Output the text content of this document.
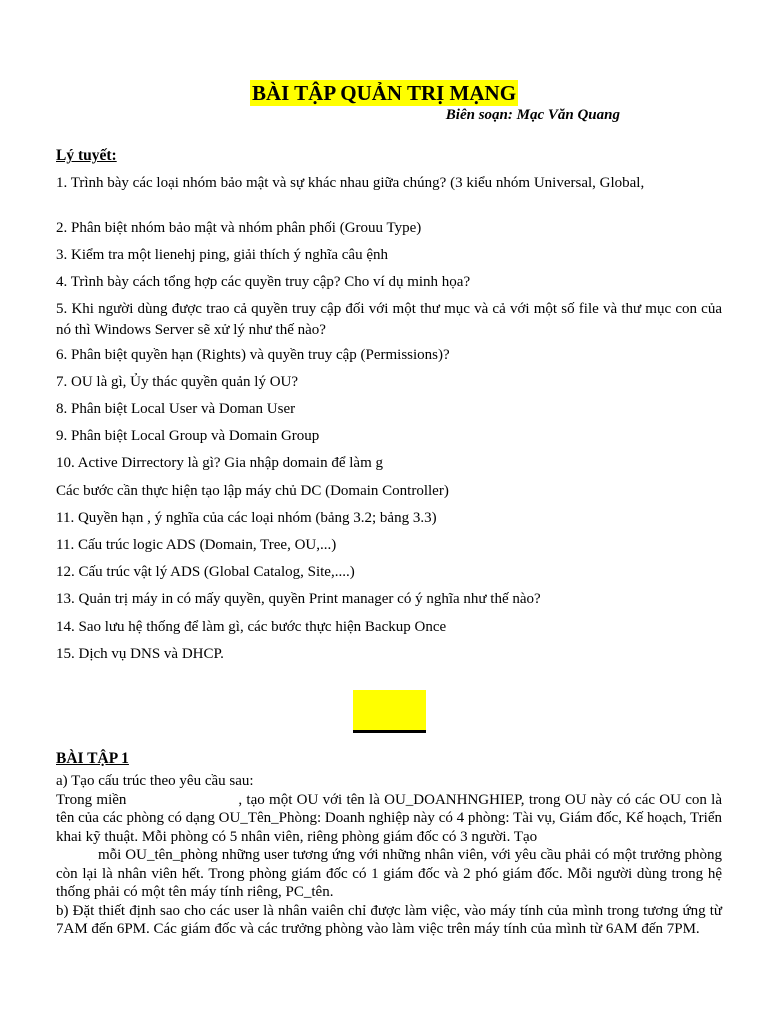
BÀI TẬP QUẢN TRỊ MẠNG
Biên soạn: Mạc Văn Quang
Lý tuyết:
1. Trình bày các loại nhóm bảo mật và sự khác nhau giữa chúng? (3 kiểu nhóm Universal, Global,
2. Phân biệt nhóm bảo mật và nhóm phân phối (Grouu Type)
3. Kiểm tra một lienehj ping, giải thích ý nghĩa câu ệnh
4. Trình bày cách tổng hợp các quyền truy cập? Cho ví dụ minh họa?
5. Khi người dùng được trao cả quyền truy cập đối với một thư mục và cả với một số file và thư mục con của nó thì Windows Server sẽ xử lý như thế nào?
6. Phân biệt quyền hạn (Rights) và quyền truy cập (Permissions)?
7. OU là gì, Ủy thác quyền quản lý OU?
8. Phân biệt Local User và Doman User
9. Phân biệt Local Group và Domain Group
10. Active Dirrectory là gì? Gia nhập domain để làm g
Các bước cần thực hiện tạo lập máy chủ DC (Domain Controller)
11. Quyền hạn , ý nghĩa của các loại nhóm (bảng 3.2; bảng 3.3)
11. Cấu trúc logic ADS (Domain, Tree, OU,...)
12. Cấu trúc vật lý ADS (Global Catalog, Site,....)
13. Quản trị máy in có mấy quyền, quyền Print manager có ý nghĩa như thế nào?
14. Sao lưu hệ thống để làm gì, các bước thực hiện Backup Once
15. Dịch vụ DNS và DHCP.
BÀI TẬP 1

a) Tạo cấu trúc theo yêu cầu sau:

Trong miền	, tạo một OU với tên là OU_DOANHNGHIEP, trong OU này có các OU con là tên của các phòng có dạng OU_Tên_Phòng: Doanh nghiệp này có 4 phòng: Tài vụ, Giám đốc, Kế hoạch, Triển khai kỹ thuật. Mỗi phòng có 5 nhân viên, riêng phòng giám đốc có 3 người. Tạo
mỗi OU_tên_phòng những user tương ứng với những nhân viên, với yêu cầu phải có một trưởng phòng còn lại là nhân viên hết. Trong phòng giám đốc có 1 giám đốc và 2 phó giám đốc. Mỗi người dùng trong hệ thống phải có một tên máy tính riêng, PC_tên.

b) Đặt thiết định sao cho các user là nhân vaiên chỉ được làm việc, vào máy tính của mình trong tương ứng từ 7AM đến 6PM. Các giám đốc và các trưởng phòng vào làm việc trên máy tính của mình từ 6AM đến 7PM.
